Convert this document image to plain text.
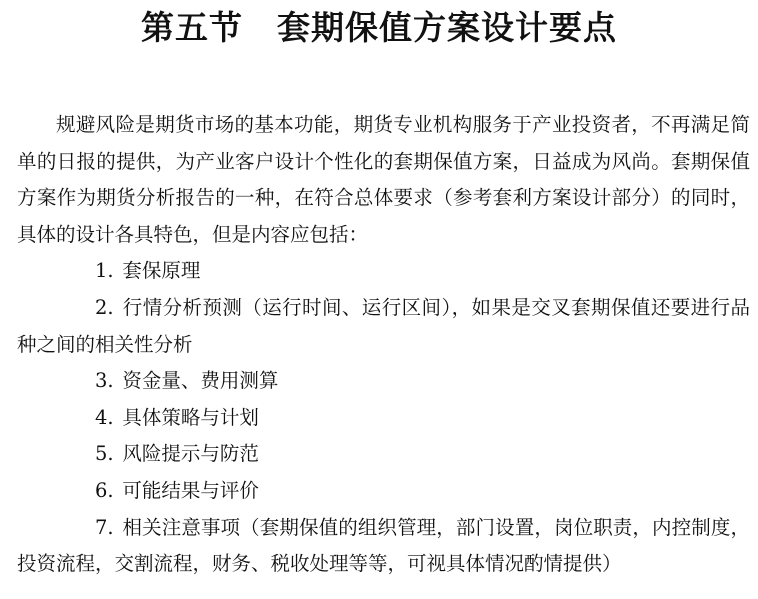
第五节 套期保值方案设计要点

规避风险是期货市场的基本功能，期货专业机构服务于产业投资者，不再满足简单的日报的提供，为产业客户设计个性化的套期保值方案，日益成为风尚。套期保值方案作为期货分析报告的一种，在符合总体要求（参考套利方案设计部分）的同时，具体的设计各具特色，但是内容应包括：

1. 套保原理

2. 行情分析预测（运行时间、运行区间），如果是交叉套期保值还要进行品种之间的相关性分析

3. 资金量、费用测算

4. 具体策略与计划

5. 风险提示与防范

6. 可能结果与评价

7. 相关注意事项（套期保值的组织管理，部门设置，岗位职责，内控制度，投资流程，交割流程，财务、税收处理等等，可视具体情况酌情提供）
